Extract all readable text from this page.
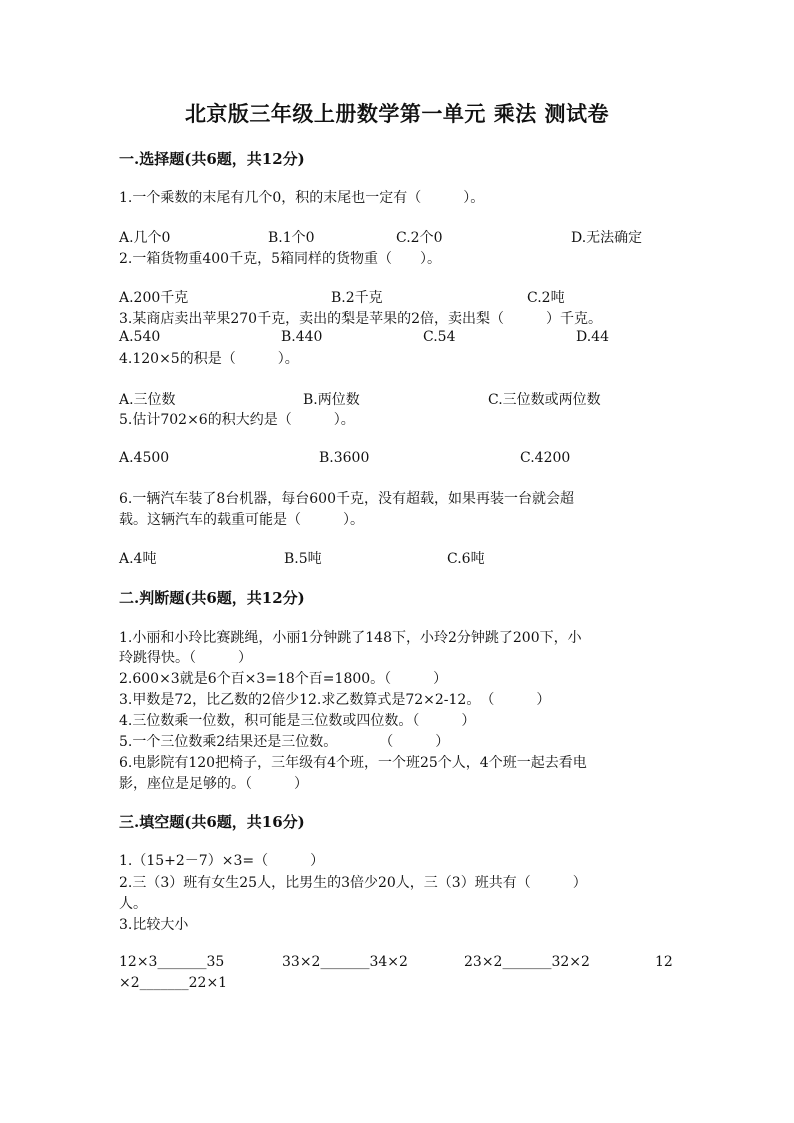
北京版三年级上册数学第一单元 乘法 测试卷
一.选择题(共6题，共12分)
1.一个乘数的末尾有几个0，积的末尾也一定有（　　　）。
A.几个0	B.1个0	C.2个0	D.无法确定
2.一箱货物重400千克，5箱同样的货物重（　　）。
A.200千克	B.2千克	C.2吨
3.某商店卖出苹果270千克，卖出的梨是苹果的2倍，卖出梨（　　　）千克。
A.540	B.440	C.54	D.44
4.120×5的积是（　　　）。
A.三位数	B.两位数	C.三位数或两位数
5.估计702×6的积大约是（　　　）。
A.4500	B.3600	C.4200
6.一辆汽车装了8台机器，每台600千克，没有超载，如果再装一台就会超
载。这辆汽车的载重可能是（　　　）。
A.4吨	B.5吨	C.6吨
二.判断题(共6题，共12分)
1.小丽和小玲比赛跳绳，小丽1分钟跳了148下，小玲2分钟跳了200下，小
玲跳得快。（　　　）
2.600×3就是6个百×3=18个百=1800。（　　　）
3.甲数是72，比乙数的2倍少12.求乙数算式是72×2-12。　（　　　）
4.三位数乘一位数，积可能是三位数或四位数。（　　　）
5.一个三位数乘2结果还是三位数。　　　　（　　　）
6.电影院有120把椅子，三年级有4个班，一个班25个人，4个班一起去看电
影，座位是足够的。（　　　）
三.填空题(共6题，共16分)
1.（15+2－7）×3=（　　　）
2.三（3）班有女生25人，比男生的3倍少20人，三（3）班共有（　　　）
人。
3.比较大小
12×3_______35	33×2_______34×2	23×2_______32×2	12
×2_______22×1
